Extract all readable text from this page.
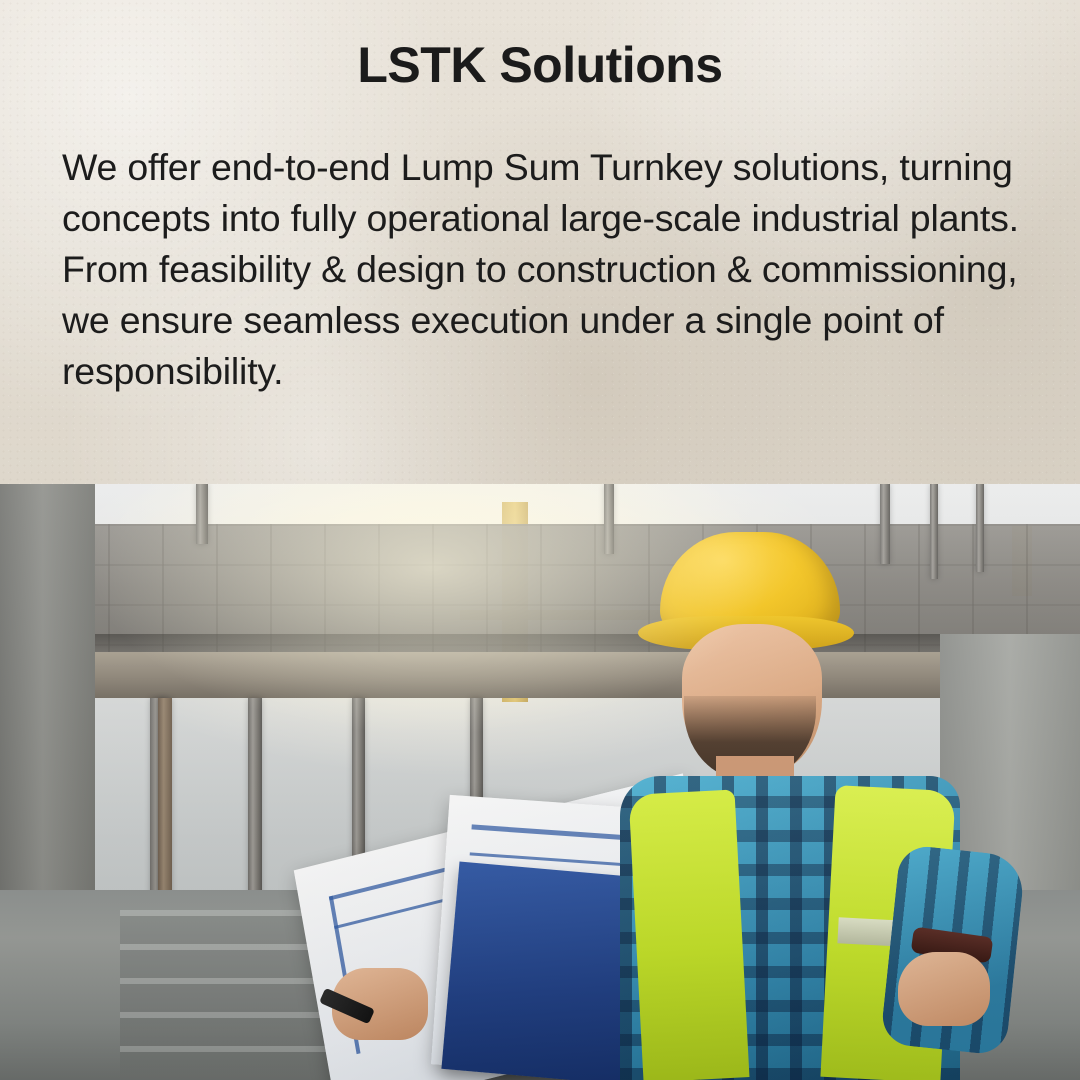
LSTK Solutions
We offer end-to-end Lump Sum Turnkey solutions, turning concepts into fully operational large-scale industrial plants. From feasibility & design to construction & commissioning, we ensure seamless execution under a single point of responsibility.
